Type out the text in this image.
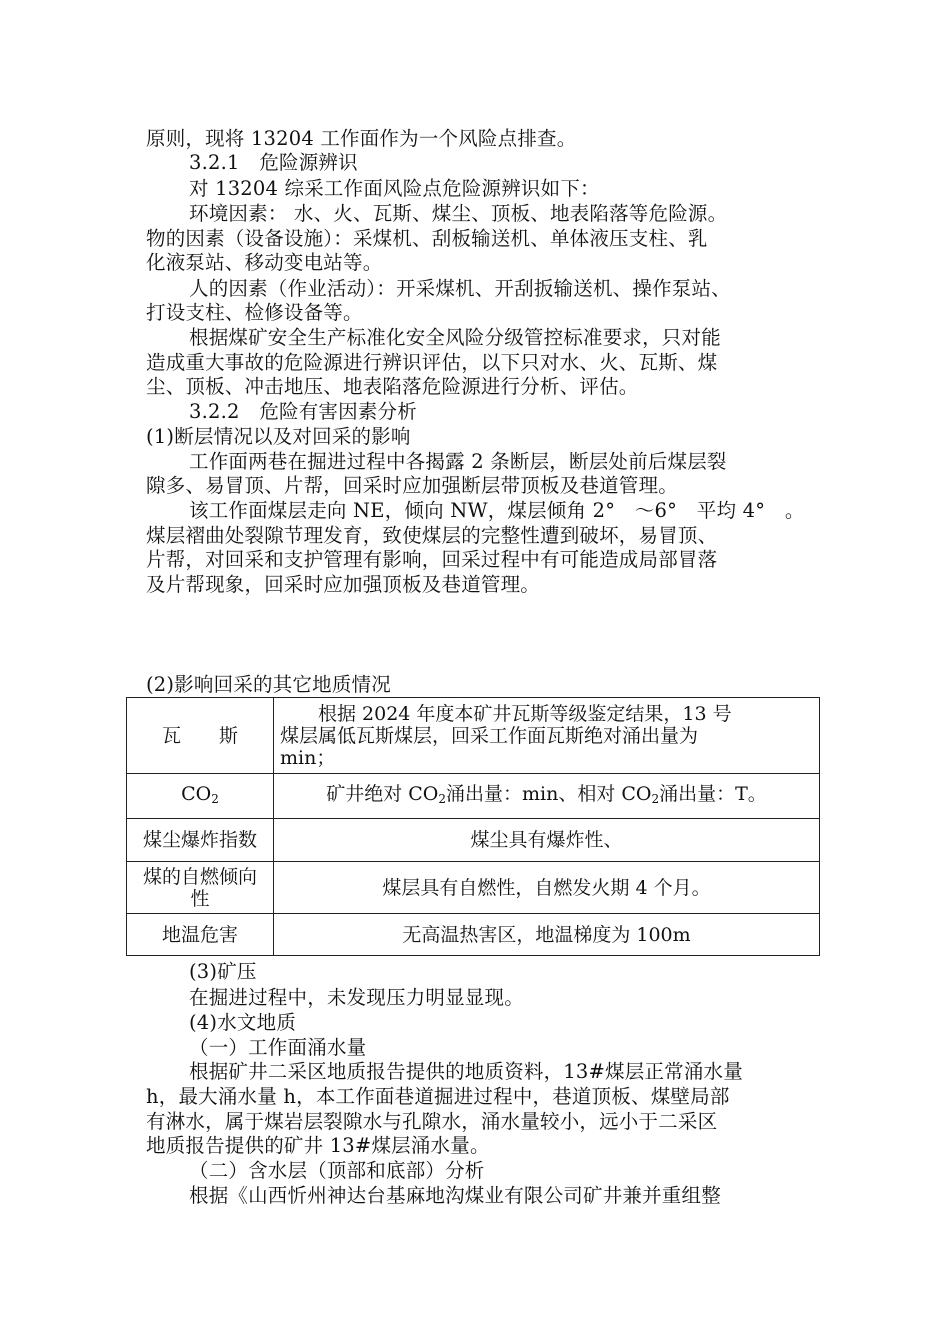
原则，现将 13204 工作面作为一个风险点排查。
3.2.1　危险源辨识
对 13204 综采工作面风险点危险源辨识如下：
环境因素： 水、火、瓦斯、煤尘、顶板、地表陷落等危险源。
物的因素（设备设施）：采煤机、刮板输送机、单体液压支柱、乳
化液泵站、移动变电站等。
人的因素（作业活动）：开采煤机、开刮扳输送机、操作泵站、
打设支柱、检修设备等。
根据煤矿安全生产标准化安全风险分级管控标准要求，只对能
造成重大事故的危险源进行辨识评估，以下只对水、火、瓦斯、煤
尘、顶板、冲击地压、地表陷落危险源进行分析、评估。
3.2.2　危险有害因素分析
(1)断层情况以及对回采的影响
工作面两巷在掘进过程中各揭露 2 条断层，断层处前后煤层裂
隙多、易冒顶、片帮，回采时应加强断层带顶板及巷道管理。
该工作面煤层走向 NE，倾向 NW，煤层倾角 2°　～6°　平均 4°　。
煤层褶曲处裂隙节理发育，致使煤层的完整性遭到破坏，易冒顶、
片帮，对回采和支护管理有影响，回采过程中有可能造成局部冒落
及片帮现象，回采时应加强顶板及巷道管理。
(2)影响回采的其它地质情况
瓦　　斯	　　根据 2024 年度本矿井瓦斯等级鉴定结果，13 号
煤层属低瓦斯煤层，回采工作面瓦斯绝对涌出量为
min；

$CO_2$	矿井绝对 $CO_2$涌出量：min、相对 $CO_2$涌出量：T。
煤尘爆炸指数	煤尘具有爆炸性、

煤的自燃倾向
性	煤层具有自燃性，自燃发火期 4 个月。
地温危害	无高温热害区，地温梯度为 100m
(3)矿压
在掘进过程中，未发现压力明显显现。
(4)水文地质
（一）工作面涌水量
根据矿井二采区地质报告提供的地质资料，13#煤层正常涌水量
h，最大涌水量 h，本工作面巷道掘进过程中，巷道顶板、煤壁局部
有淋水，属于煤岩层裂隙水与孔隙水，涌水量较小，远小于二采区
地质报告提供的矿井 13#煤层涌水量。
（二）含水层（顶部和底部）分析
根据《山西忻州神达台基麻地沟煤业有限公司矿井兼并重组整
